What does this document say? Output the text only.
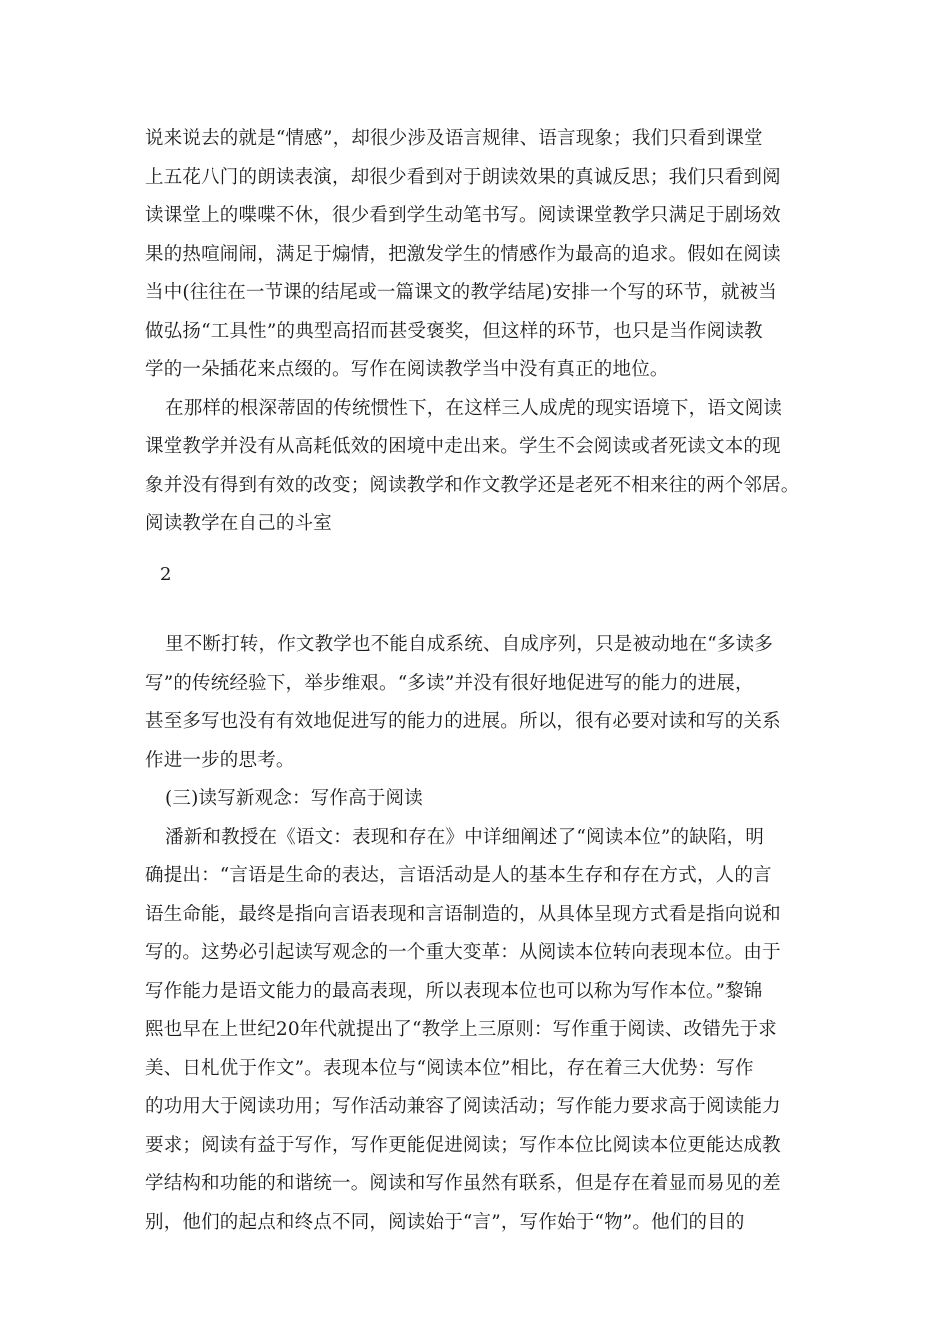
说来说去的就是“情感”，却很少涉及语言规律、语言现象；我们只看到课堂
上五花八门的朗读表演，却很少看到对于朗读效果的真诚反思；我们只看到阅
读课堂上的喋喋不休，很少看到学生动笔书写。阅读课堂教学只满足于剧场效
果的热喧闹闹，满足于煽情，把激发学生的情感作为最高的追求。假如在阅读
当中(往往在一节课的结尾或一篇课文的教学结尾)安排一个写的环节，就被当
做弘扬“工具性”的典型高招而甚受褒奖，但这样的环节，也只是当作阅读教
学的一朵插花来点缀的。写作在阅读教学当中没有真正的地位。
在那样的根深蒂固的传统惯性下，在这样三人成虎的现实语境下，语文阅读
课堂教学并没有从高耗低效的困境中走出来。学生不会阅读或者死读文本的现
象并没有得到有效的改变；阅读教学和作文教学还是老死不相来往的两个邻居。
阅读教学在自己的斗室
2
里不断打转，作文教学也不能自成系统、自成序列，只是被动地在“多读多
写”的传统经验下，举步维艰。“多读”并没有很好地促进写的能力的进展，
甚至多写也没有有效地促进写的能力的进展。所以，很有必要对读和写的关系
作进一步的思考。
(三)读写新观念：写作高于阅读
潘新和教授在《语文：表现和存在》中详细阐述了“阅读本位”的缺陷，明
确提出：“言语是生命的表达，言语活动是人的基本生存和存在方式，人的言
语生命能，最终是指向言语表现和言语制造的，从具体呈现方式看是指向说和
写的。这势必引起读写观念的一个重大变革：从阅读本位转向表现本位。由于
写作能力是语文能力的最高表现，所以表现本位也可以称为写作本位。”黎锦
熙也早在上世纪20年代就提出了“教学上三原则：写作重于阅读、改错先于求
美、日札优于作文”。表现本位与“阅读本位”相比，存在着三大优势：写作
的功用大于阅读功用；写作活动兼容了阅读活动；写作能力要求高于阅读能力
要求；阅读有益于写作，写作更能促进阅读；写作本位比阅读本位更能达成教
学结构和功能的和谐统一。阅读和写作虽然有联系，但是存在着显而易见的差
别，他们的起点和终点不同，阅读始于“言”，写作始于“物”。他们的目的
